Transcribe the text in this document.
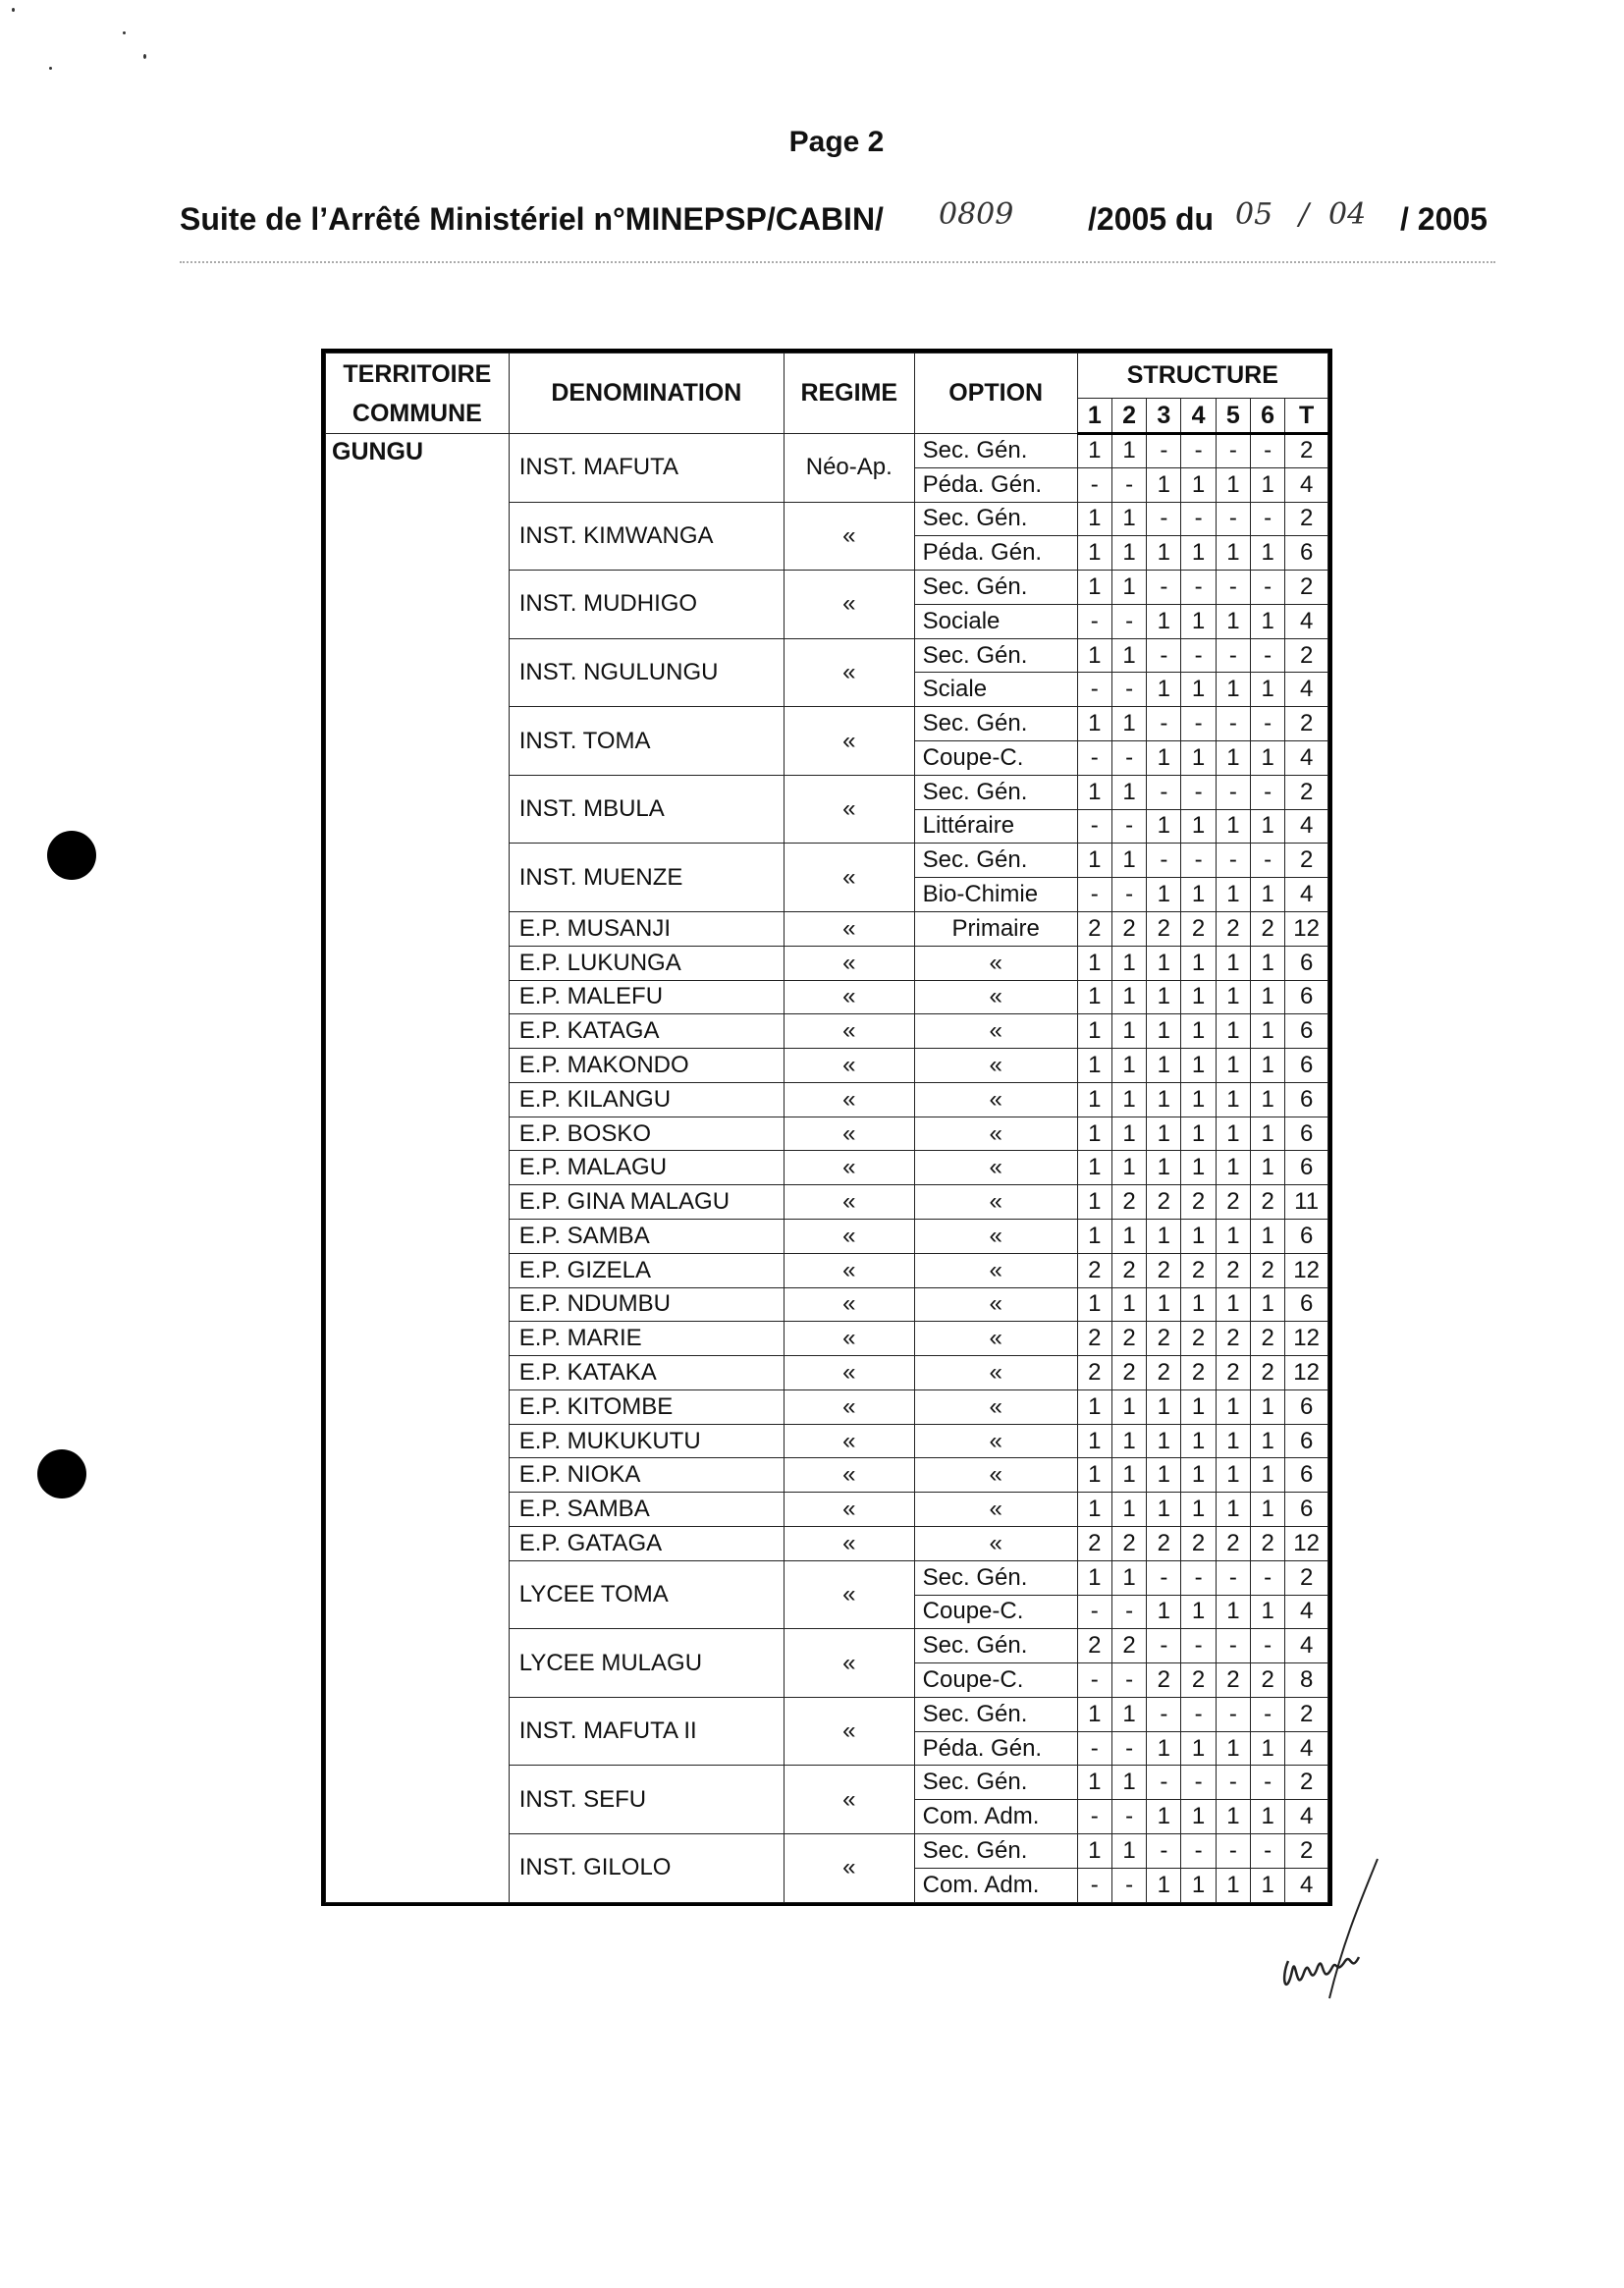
Page 2
Suite de l’Arrêté Ministériel n°MINEPSP/CABIN/ 0809 /2005 du 05 / 04 / 2005
TERRITOIRE COMMUNE	DENOMINATION	REGIME	OPTION	STRUCTURE						
				1	2	3	4	5	6	T
GUNGU	INST. MAFUTA	Néo-Ap.	Sec. Gén.	1	1	-	-	-	-	2
			Péda. Gén.	-	-	1	1	1	1	4
	INST. KIMWANGA	«	Sec. Gén.	1	1	-	-	-	-	2
			Péda. Gén.	1	1	1	1	1	1	6
	INST. MUDHIGO	«	Sec. Gén.	1	1	-	-	-	-	2
			Sociale	-	-	1	1	1	1	4
	INST. NGULUNGU	«	Sec. Gén.	1	1	-	-	-	-	2
			Sciale	-	-	1	1	1	1	4
	INST. TOMA	«	Sec. Gén.	1	1	-	-	-	-	2
			Coupe-C.	-	-	1	1	1	1	4
	INST. MBULA	«	Sec. Gén.	1	1	-	-	-	-	2
			Littéraire	-	-	1	1	1	1	4
	INST. MUENZE	«	Sec. Gén.	1	1	-	-	-	-	2
			Bio-Chimie	-	-	1	1	1	1	4
	E.P. MUSANJI	«	Primaire	2	2	2	2	2	2	12
	E.P. LUKUNGA	«	«	1	1	1	1	1	1	6
	E.P. MALEFU	«	«	1	1	1	1	1	1	6
	E.P. KATAGA	«	«	1	1	1	1	1	1	6
	E.P. MAKONDO	«	«	1	1	1	1	1	1	6
	E.P. KILANGU	«	«	1	1	1	1	1	1	6
	E.P. BOSKO	«	«	1	1	1	1	1	1	6
	E.P. MALAGU	«	«	1	1	1	1	1	1	6
	E.P. GINA MALAGU	«	«	1	2	2	2	2	2	11
	E.P. SAMBA	«	«	1	1	1	1	1	1	6
	E.P. GIZELA	«	«	2	2	2	2	2	2	12
	E.P. NDUMBU	«	«	1	1	1	1	1	1	6
	E.P. MARIE	«	«	2	2	2	2	2	2	12
	E.P. KATAKA	«	«	2	2	2	2	2	2	12
	E.P. KITOMBE	«	«	1	1	1	1	1	1	6
	E.P. MUKUKUTU	«	«	1	1	1	1	1	1	6
	E.P. NIOKA	«	«	1	1	1	1	1	1	6
	E.P. SAMBA	«	«	1	1	1	1	1	1	6
	E.P. GATAGA	«	«	2	2	2	2	2	2	12
	LYCEE TOMA	«	Sec. Gén.	1	1	-	-	-	-	2
			Coupe-C.	-	-	1	1	1	1	4
	LYCEE MULAGU	«	Sec. Gén.	2	2	-	-	-	-	4
			Coupe-C.	-	-	2	2	2	2	8
	INST. MAFUTA II	«	Sec. Gén.	1	1	-	-	-	-	2
			Péda. Gén.	-	-	1	1	1	1	4
	INST. SEFU	«	Sec. Gén.	1	1	-	-	-	-	2
			Com. Adm.	-	-	1	1	1	1	4
	INST. GILOLO	«	Sec. Gén.	1	1	-	-	-	-	2
			Com. Adm.	-	-	1	1	1	1	4
